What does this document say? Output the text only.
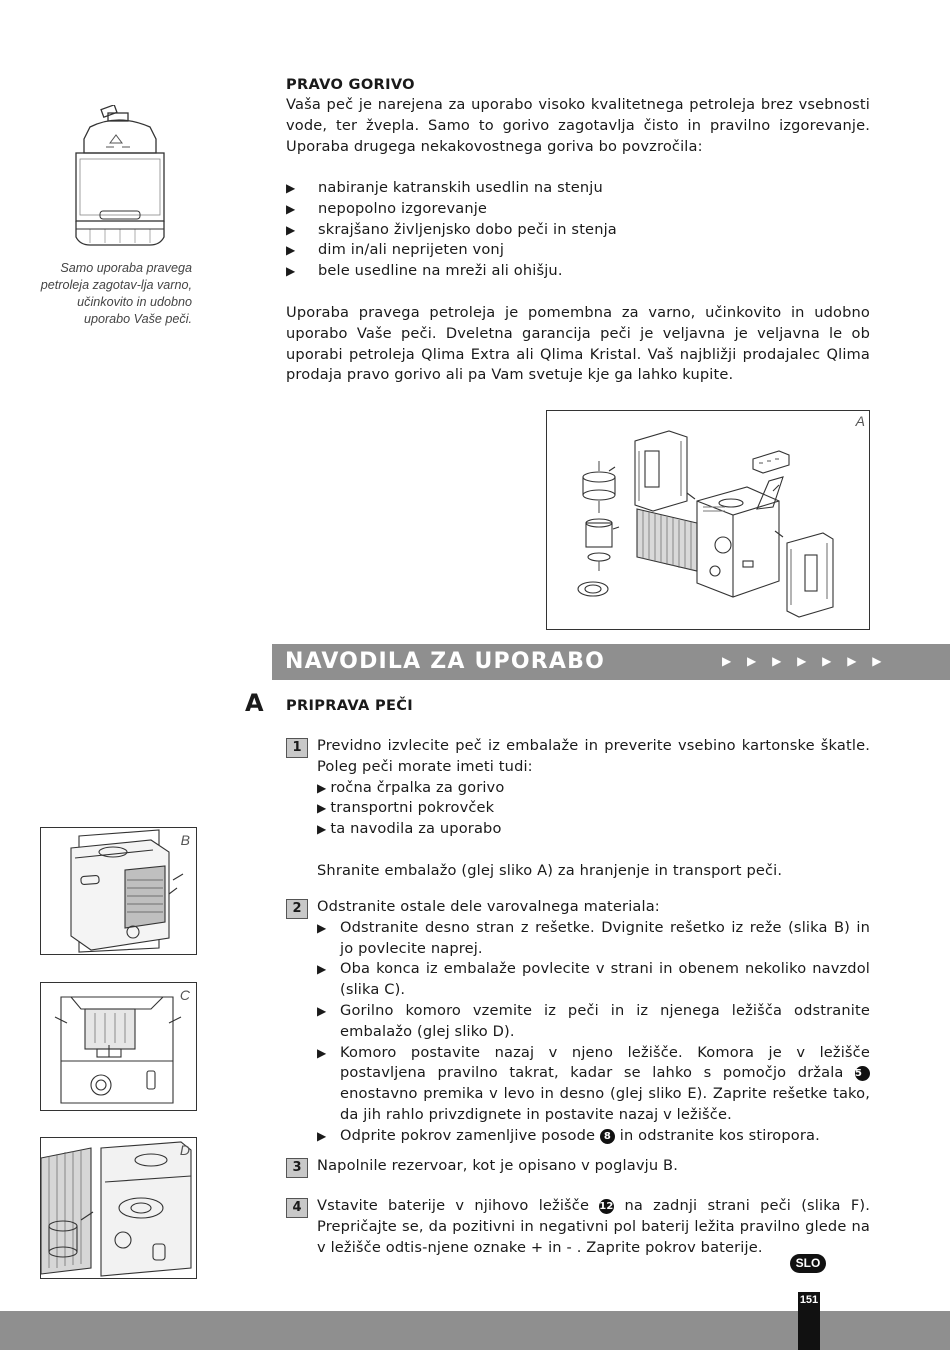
PRAVO GORIVO
Vaša peč je narejena za uporabo visoko kvalitetnega petroleja brez vsebnosti vode, ter žvepla. Samo to gorivo zagotavlja čisto in pravilno izgorevanje. Uporaba drugega nekakovostnega goriva bo povzročila:
▶ nabiranje katranskih usedlin na stenju
▶ nepopolno izgorevanje
▶ skrajšano življenjsko dobo peči in stenja
▶ dim in/ali neprijeten vonj
▶ bele usedline na mreži ali ohišju.
Uporaba pravega petroleja je pomembna za varno, učinkovito in udobno uporabo Vaše peči. Dveletna garancija peči je veljavna je veljavna le ob uporabi petroleja Qlima Extra ali Qlima Kristal. Vaš najbližji prodajalec Qlima prodaja pravo gorivo ali pa Vam svetuje kje ga lahko kupite.
Samo uporaba pravega petroleja zagotav-lja varno, učinkovito in udobno uporabo Vaše peči.
A
NAVODILA ZA UPORABO	▶ ▶ ▶ ▶ ▶ ▶ ▶
A PRIPRAVA PEČI
1	Previdno izvlecite peč iz embalaže in preverite vsebino kartonske škatle. Poleg peči morate imeti tudi:
▶ ročna črpalka za gorivo
▶ transportni pokrovček
▶ ta navodila za uporabo
Shranite embalažo (glej sliko A) za hranjenje in transport peči.
2	Odstranite ostale dele varovalnega materiala:
▶ Odstranite desno stran z rešetke. Dvignite rešetko iz reže (slika B) in jo povlecite naprej.
▶ Oba konca iz embalaže povlecite v strani in obenem nekoliko navzdol (slika C).
▶ Gorilno komoro vzemite iz peči in iz njenega ležišča odstranite embalažo (glej sliko D).
▶ Komoro postavite nazaj v njeno ležišče. Komora je v ležišče postavljena pravilno takrat, kadar se lahko s pomočjo držala 5 enostavno premika v levo in desno (glej sliko E). Zaprite rešetke tako, da jih rahlo privzdignete in postavite nazaj v ležišče.
▶ Odprite pokrov zamenljive posode 8 in odstranite kos stiropora.
3	Napolnile rezervoar, kot je opisano v poglavju B.
4	Vstavite baterije v njihovo ležišče 12 na zadnji strani peči (slika F). Prepričajte se, da pozitivni in negativni pol baterij ležita pravilno glede na v ležišče odtis-njene oznake + in - . Zaprite pokrov baterije.
B
C
D
SLO
151
